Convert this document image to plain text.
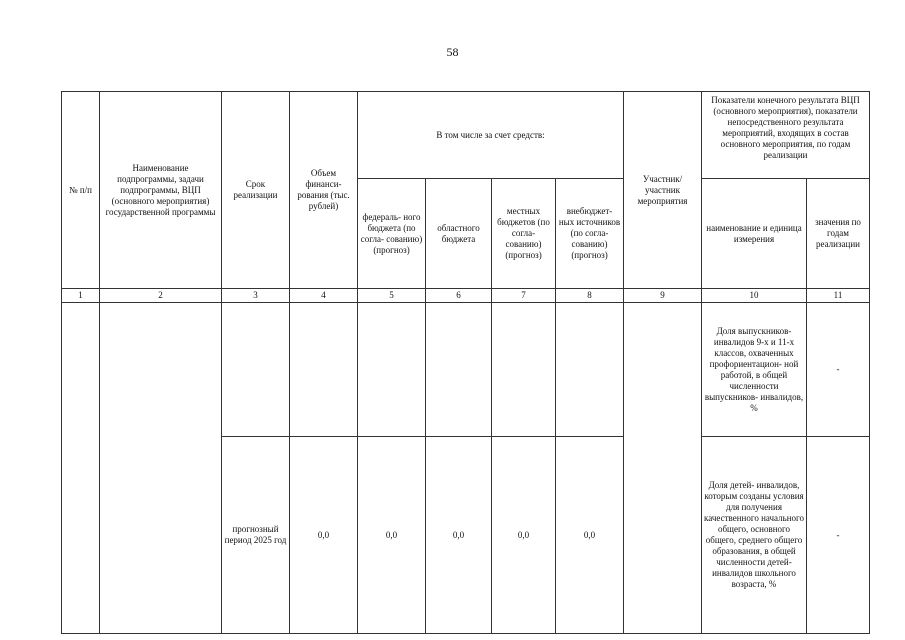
58
№ п/п	Наименование подпрограммы, задачи подпрограммы, ВЦП (основного мероприятия) государственной программы	Срок реализации	Объем финанси- рования (тыс. рублей)	В том числе за счет средств:				Участник/ участник мероприятия	Показатели конечного результата ВЦП (основного мероприятия), показатели непосредственного результата мероприятий, входящих в состав основного мероприятия, по годам реализации	
				федераль- ного бюджета (по согла- сованию) (прогноз)	областного бюджета	местных бюджетов (по согла- сованию) (прогноз)	внебюджет- ных источников (по согла- сованию) (прогноз)		наименование и единица измерения	значения по годам реализации
1	2	3	4	5	6	7	8	9	10	11
									Доля выпускников- инвалидов 9-х и 11-х классов, охваченных профориентацион- ной работой, в общей численности выпускников- инвалидов, %	-
		прогнозный период 2025 год	0,0	0,0	0,0	0,0	0,0		Доля детей- инвалидов, которым созданы условия для получения качественного начального общего, основного общего, среднего общего образования, в общей численности детей-инвалидов школьного возраста, %	-
